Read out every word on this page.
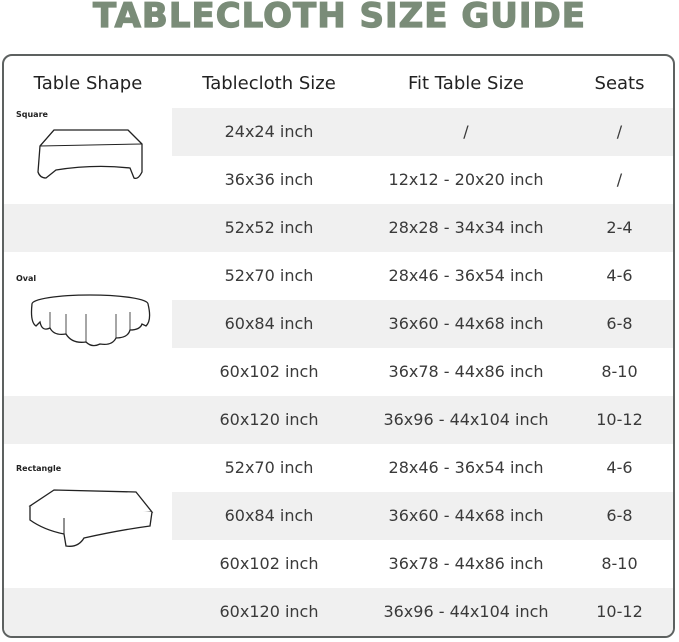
TABLECLOTH SIZE GUIDE
Table Shape	Tablecloth Size	Fit Table Size	Seats
Square
Oval
Rectangle
24x24 inch	/	/
36x36 inch	12x12 - 20x20 inch	/
52x52 inch	28x28 - 34x34 inch	2-4
52x70 inch	28x46 - 36x54 inch	4-6
60x84 inch	36x60 - 44x68 inch	6-8
60x102 inch	36x78 - 44x86 inch	8-10
60x120 inch	36x96 - 44x104 inch	10-12
52x70 inch	28x46 - 36x54 inch	4-6
60x84 inch	36x60 - 44x68 inch	6-8
60x102 inch	36x78 - 44x86 inch	8-10
60x120 inch	36x96 - 44x104 inch	10-12
